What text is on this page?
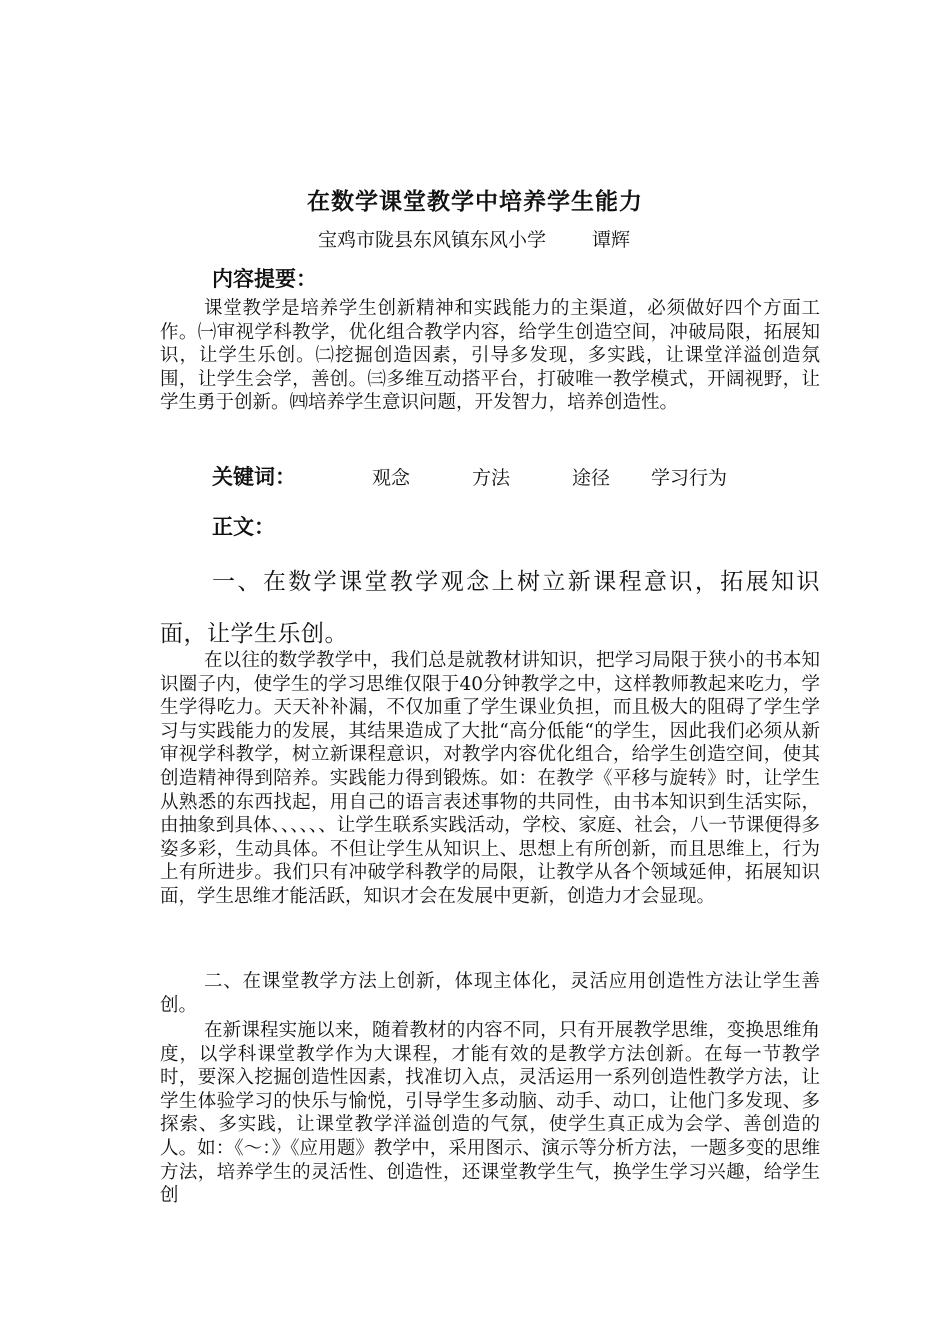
在数学课堂教学中培养学生能力
宝鸡市陇县东风镇东风小学 谭辉
内容提要：

课堂教学是培养学生创新精神和实践能力的主渠道，必须做好四个方面工作。㈠审视学科教学，优化组合教学内容，给学生创造空间，冲破局限，拓展知识，让学生乐创。㈡挖掘创造因素，引导多发现，多实践，让课堂洋溢创造氛围，让学生会学，善创。㈢多维互动搭平台，打破唯一教学模式，开阔视野，让学生勇于创新。㈣培养学生意识问题，开发智力，培养创造性。

关键词：	观念	方法	途径 学习行为
正文：

一、在数学课堂教学观念上树立新课程意识，拓展知识面，让学生乐创。

在以往的数学教学中，我们总是就教材讲知识，把学习局限于狭小的书本知识圈子内，使学生的学习思维仅限于40分钟教学之中，这样教师教起来吃力，学生学得吃力。天天补补漏，不仅加重了学生课业负担，而且极大的阻碍了学生学习与实践能力的发展，其结果造成了大批“高分低能“的学生，因此我们必须从新审视学科教学，树立新课程意识，对教学内容优化组合，给学生创造空间，使其创造精神得到陪养。实践能力得到锻炼。如：在教学《平移与旋转》时，让学生从熟悉的东西找起，用自己的语言表述事物的共同性，由书本知识到生活实际，由抽象到具体、、、、、、让学生联系实践活动，学校、家庭、社会，八一节课便得多姿多彩，生动具体。不但让学生从知识上、思想上有所创新，而且思维上，行为上有所进步。我们只有冲破学科教学的局限，让教学从各个领域延伸，拓展知识面，学生思维才能活跃，知识才会在发展中更新，创造力才会显现。

二、在课堂教学方法上创新，体现主体化，灵活应用创造性方法让学生善创。

在新课程实施以来，随着教材的内容不同，只有开展教学思维，变换思维角度，以学科课堂教学作为大课程，才能有效的是教学方法创新。在每一节教学时，要深入挖掘创造性因素，找准切入点，灵活运用一系列创造性教学方法，让学生体验学习的快乐与愉悦，引导学生多动脑、动手、动口，让他门多发现、多探索、多实践，让课堂教学洋溢创造的气氛，使学生真正成为会学、善创造的人。如：《～：》《应用题》教学中，采用图示、演示等分析方法，一题多变的思维方法，培养学生的灵活性、创造性，还课堂教学生气，换学生学习兴趣，给学生创
